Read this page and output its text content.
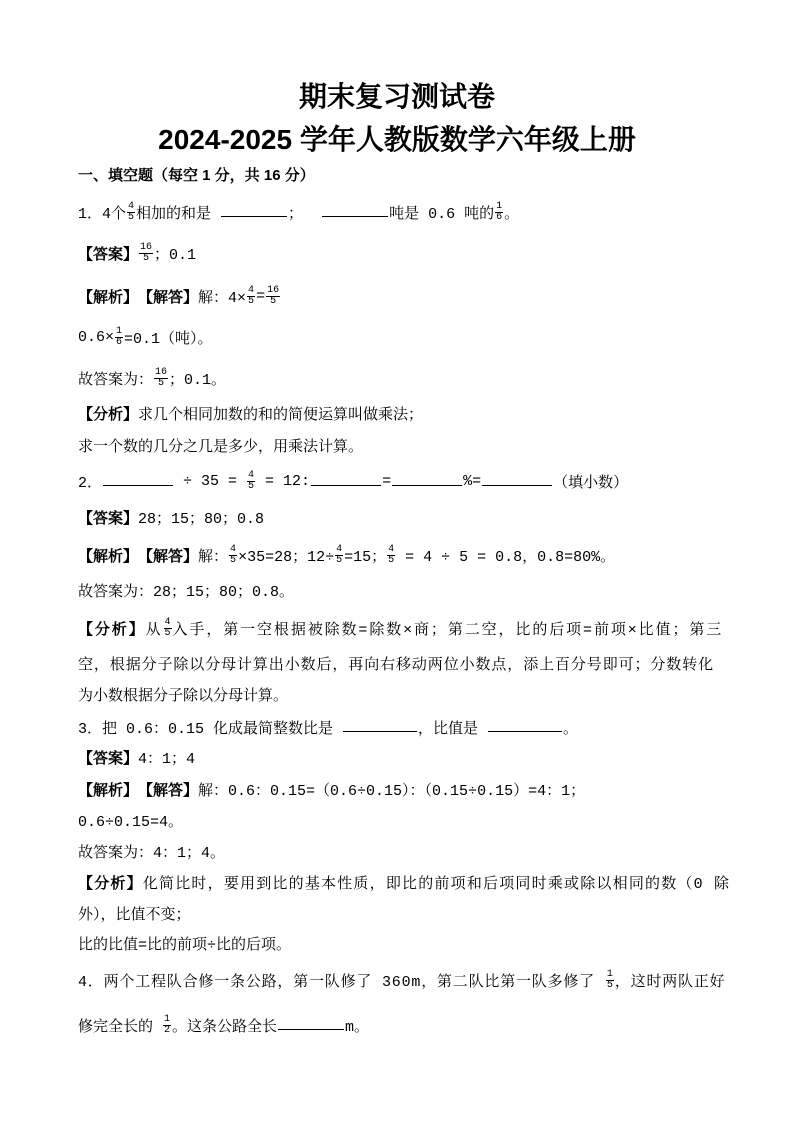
期末复习测试卷
2024-2025 学年人教版数学六年级上册
一、填空题（每空 1 分，共 16 分）
1．4个 $\frac{4}{5}$ 相加的和是	；	吨是 0.6 吨的 $\frac{1}{6}$ 。
【答案】 $\frac{16}{5}$ ；0.1
【解析】 【解答】 解：$4\times \frac{4}{5} = \frac{16}{5}$
$0.6\times \frac{1}{6} =0.1$（吨）。
故答案为： $\frac{16}{5}$ ；0.1。
【分析】 求几个相同加数的和的简便运算叫做乘法；
求一个数的几分之几是多少，用乘法计算。
2．	÷ $35 = \frac{4}{5} = 12$:	=	%=	（填小数）
【答案】 28；15；80；0.8
【解析】 【解答】 解： $\frac{4}{5} \times 35=28$；$12\div \frac{4}{5} =15$； $\frac{4}{5} = 4 \div 5 = 0.8$，0.8=80%。
故答案为：28；15；80；0.8。
【分析】 从 $\frac{4}{5}$ 入手，第一空根据被除数=除数×商；第二空，比的后项=前项×比值；第三
空，根据分子除以分母计算出小数后，再向右移动两位小数点，添上百分号即可；分数转化
为小数根据分子除以分母计算。
3．把 0.6：0.15 化成最简整数比是	，比值是	。
【答案】 4：1；4
【解析】 【解答】 解：0.6：0.15=（0.6÷0.15）：（0.15÷0.15）=4：1；
0.6÷0.15=4。
故答案为：4：1；4。
【分析】 化简比时，要用到比的基本性质，即比的前项和后项同时乘或除以相同的数（0 除
外），比值不变；
比的比值=比的前项÷比的后项。
4．两个工程队合修一条公路，第一队修了 360m，第二队比第一队多修了 $\frac{1}{5}$ ，这时两队正好
修完全长的 $\frac{1}{2}$ 。这条公路全长	m。
